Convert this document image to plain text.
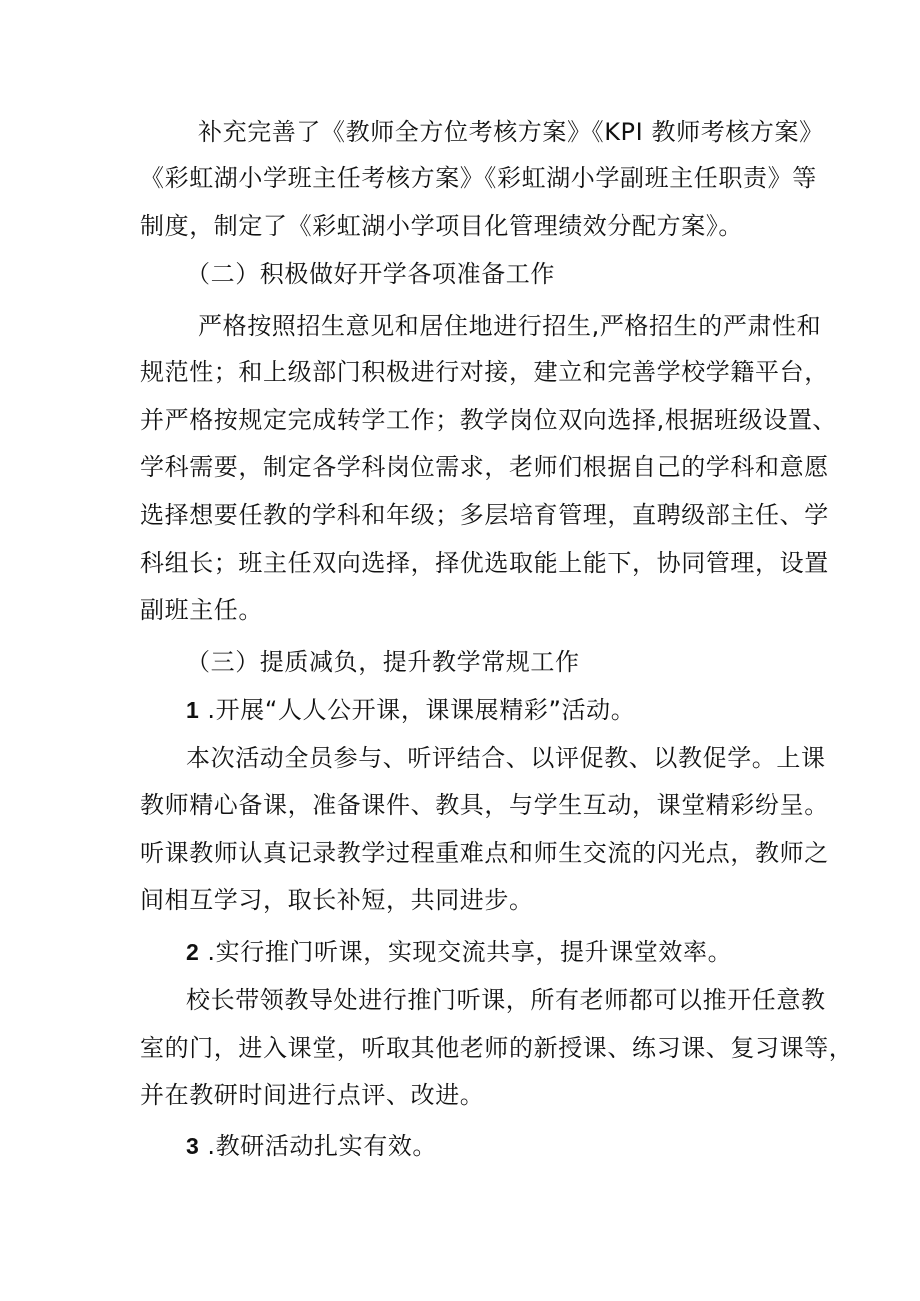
补充完善了《教师全方位考核方案》《KPI 教师考核方案》
《彩虹湖小学班主任考核方案》《彩虹湖小学副班主任职责》等
制度，制定了《彩虹湖小学项目化管理绩效分配方案》。
（二）积极做好开学各项准备工作
严格按照招生意见和居住地进行招生,严格招生的严肃性和
规范性；和上级部门积极进行对接，建立和完善学校学籍平台，
并严格按规定完成转学工作；教学岗位双向选择,根据班级设置、
学科需要，制定各学科岗位需求，老师们根据自己的学科和意愿
选择想要任教的学科和年级；多层培育管理，直聘级部主任、学
科组长；班主任双向选择，择优选取能上能下，协同管理，设置
副班主任。
（三）提质减负，提升教学常规工作
1 .开展“人人公开课，课课展精彩”活动。
本次活动全员参与、听评结合、以评促教、以教促学。上课
教师精心备课，准备课件、教具，与学生互动，课堂精彩纷呈。
听课教师认真记录教学过程重难点和师生交流的闪光点，教师之
间相互学习，取长补短，共同进步。
2 .实行推门听课，实现交流共享，提升课堂效率。
校长带领教导处进行推门听课，所有老师都可以推开任意教
室的门，进入课堂，听取其他老师的新授课、练习课、复习课等，
并在教研时间进行点评、改进。
3 .教研活动扎实有效。
